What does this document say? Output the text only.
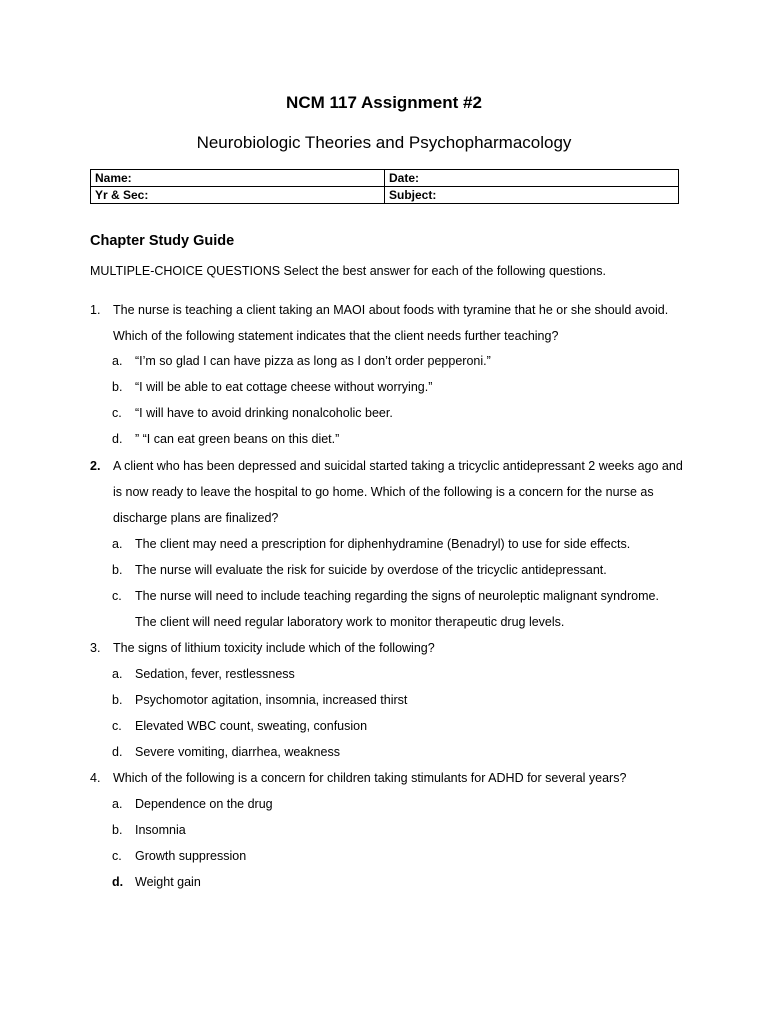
NCM 117 Assignment #2
Neurobiologic Theories and Psychopharmacology
Name:	Date:
Yr & Sec:	Subject:
Chapter Study Guide

MULTIPLE-CHOICE QUESTIONS Select the best answer for each of the following questions.

1.	The nurse is teaching a client taking an MAOI about foods with tyramine that he or she should avoid. Which of the following statement indicates that the client needs further teaching?
a.	“I’m so glad I can have pizza as long as I don’t order pepperoni.”
b.	“I will be able to eat cottage cheese without worrying.”
c.	“I will have to avoid drinking nonalcoholic beer.
d.	” “I can eat green beans on this diet.”
2.	A client who has been depressed and suicidal started taking a tricyclic antidepressant 2 weeks ago and is now ready to leave the hospital to go home. Which of the following is a concern for the nurse as discharge plans are finalized?
a.	The client may need a prescription for diphenhydramine (Benadryl) to use for side effects.
b.	The nurse will evaluate the risk for suicide by overdose of the tricyclic antidepressant.
c.	The nurse will need to include teaching regarding the signs of neuroleptic malignant syndrome.
The client will need regular laboratory work to monitor therapeutic drug levels.
3.	The signs of lithium toxicity include which of the following?
a.	Sedation, fever, restlessness
b.	Psychomotor agitation, insomnia, increased thirst
c.	Elevated WBC count, sweating, confusion
d.	Severe vomiting, diarrhea, weakness
4.	Which of the following is a concern for children taking stimulants for ADHD for several years?
a.	Dependence on the drug
b.	Insomnia
c.	Growth suppression
d. Weight gain
